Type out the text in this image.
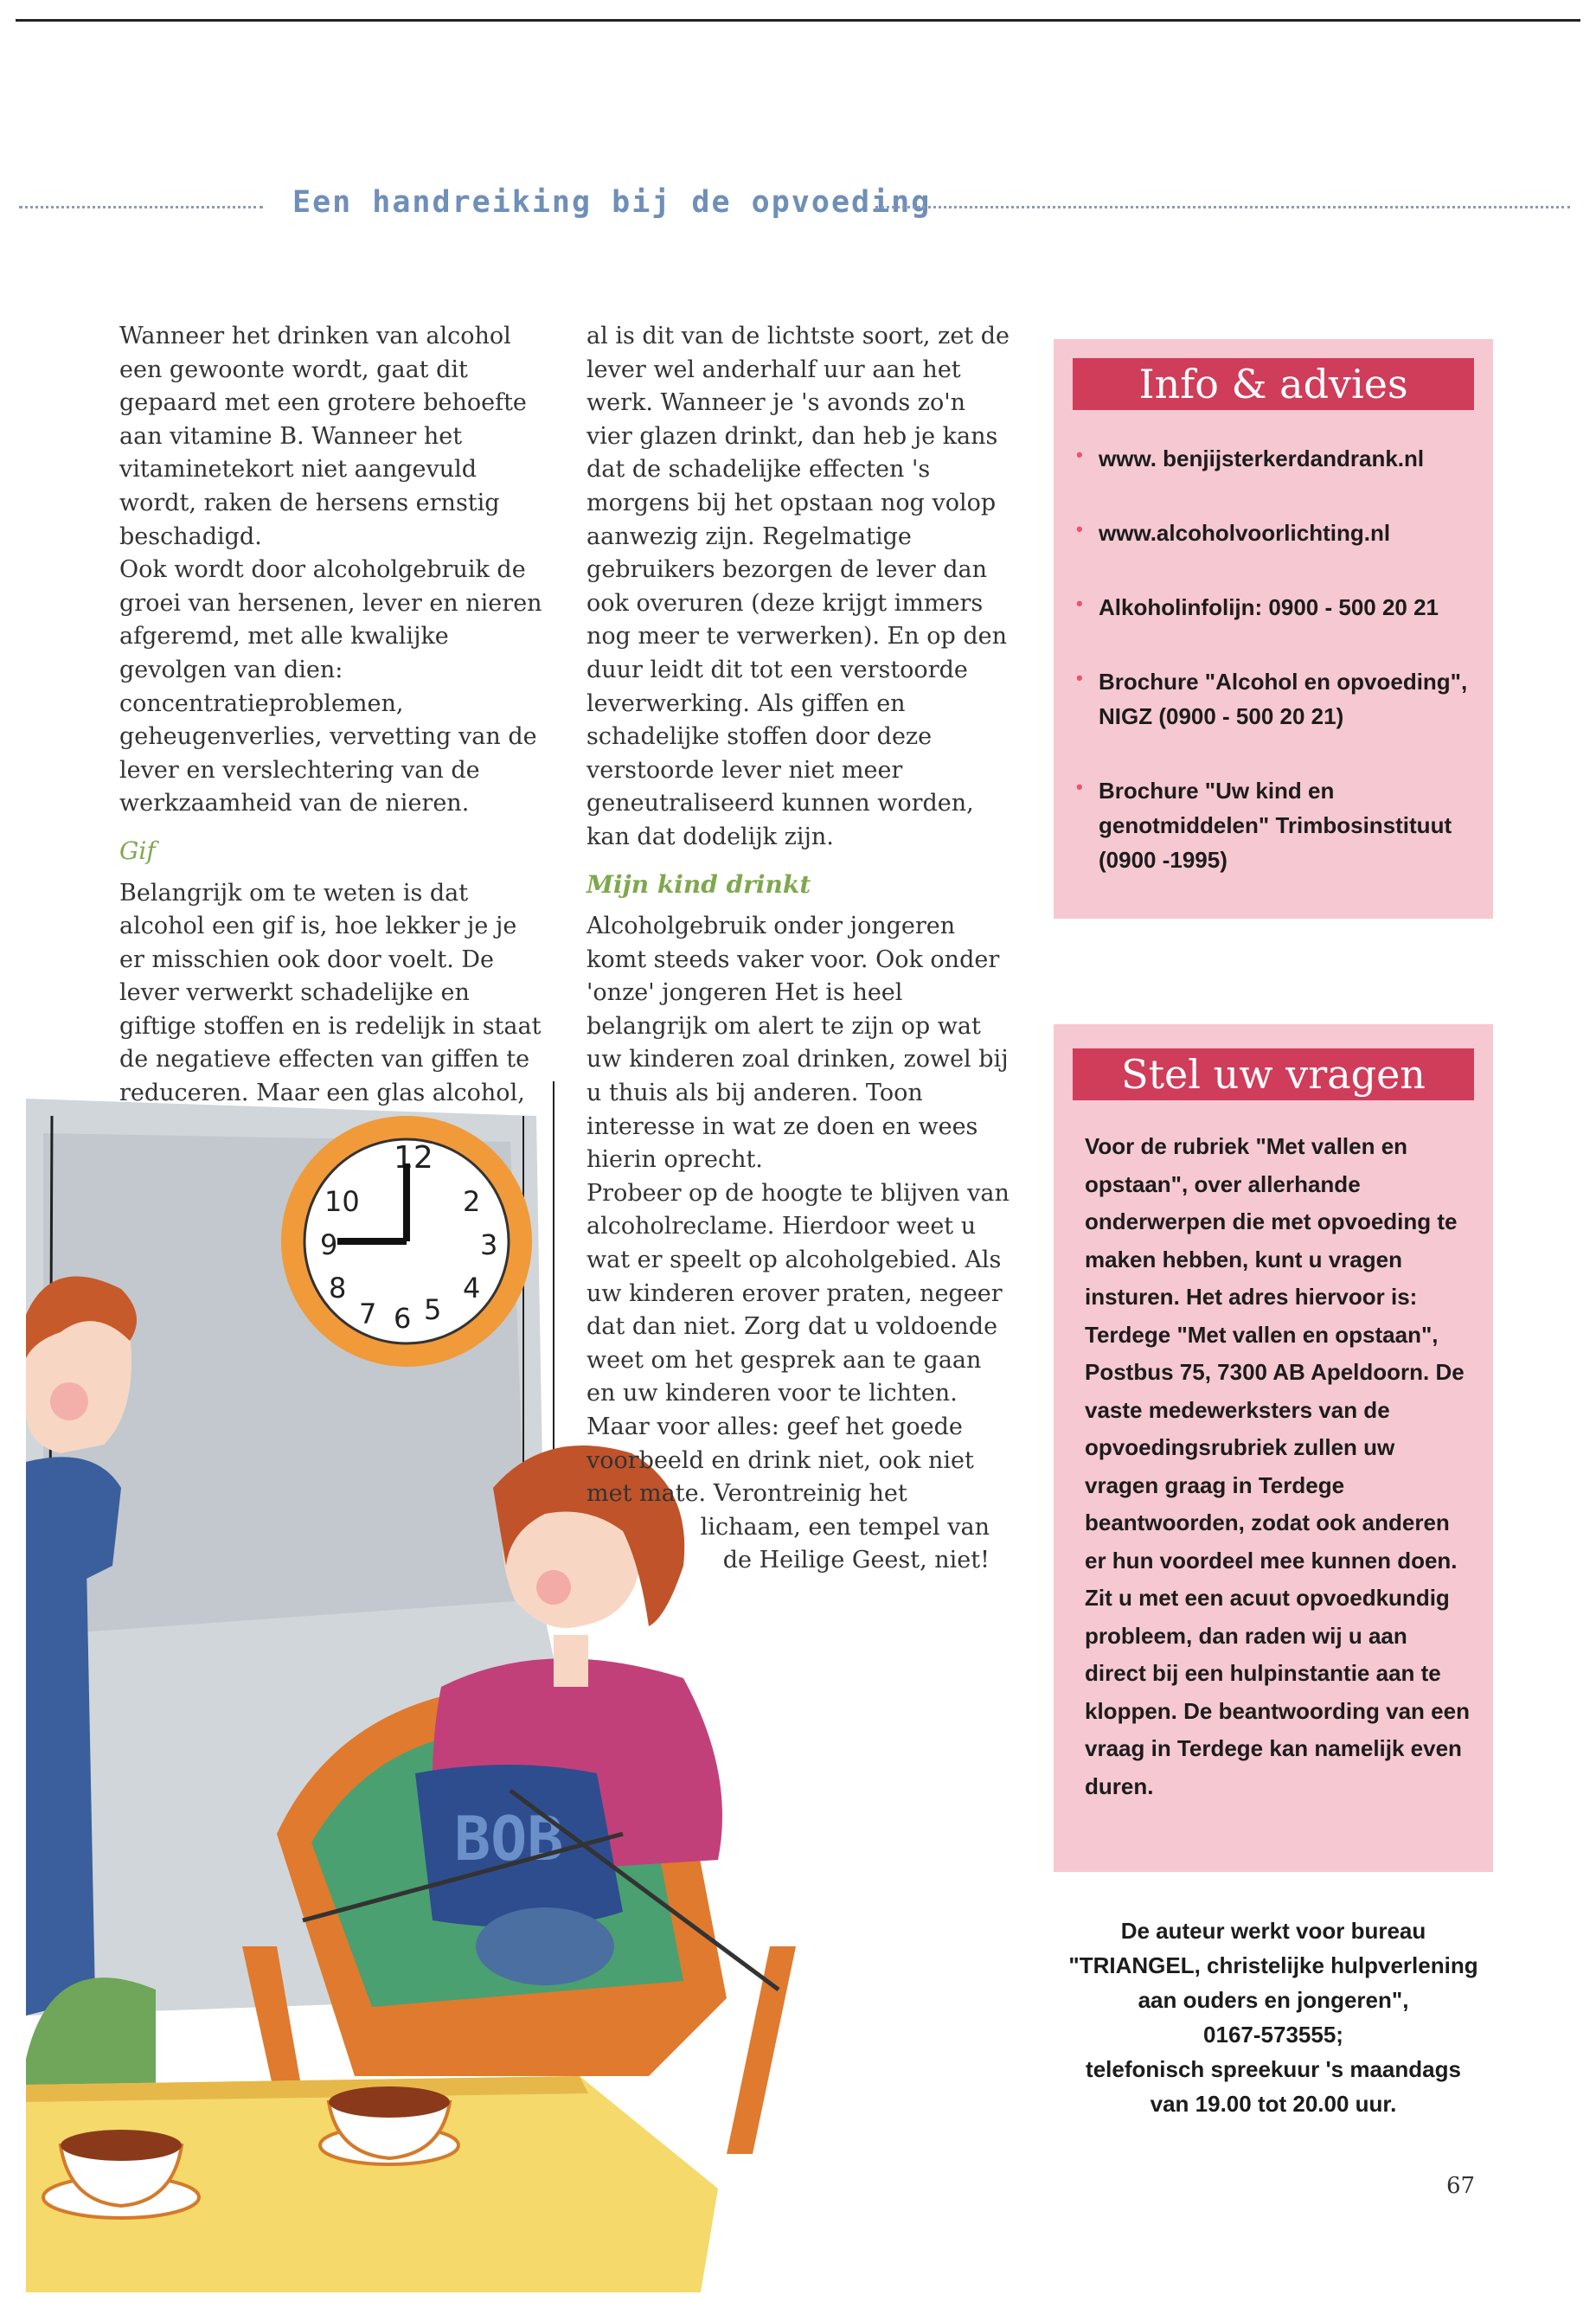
Een handreiking bij de opvoeding
12
2
3
4
5
6
7
8
9
10
BOB

Wanneer het drinken van alcohol een gewoonte wordt, gaat dit gepaard met een grotere behoefte aan vitamine B. Wanneer het vitaminetekort niet aangevuld wordt, raken de hersens ernstig beschadigd.

Ook wordt door alcoholgebruik de groei van hersenen, lever en nieren afgeremd, met alle kwalijke gevolgen van dien: concentratieproblemen, geheugenverlies, vervetting van de lever en verslechtering van de werkzaamheid van de nieren.

Gif

Belangrijk om te weten is dat alcohol een gif is, hoe lekker je je er misschien ook door voelt. De lever verwerkt schadelijke en giftige stoffen en is redelijk in staat de negatieve effecten van giffen te reduceren. Maar een glas alcohol,

al is dit van de lichtste soort, zet de lever wel anderhalf uur aan het werk. Wanneer je 's avonds zo'n vier glazen drinkt, dan heb je kans dat de schadelijke effecten 's morgens bij het opstaan nog volop aanwezig zijn. Regelmatige gebruikers bezorgen de lever dan ook overuren (deze krijgt immers nog meer te verwerken). En op den duur leidt dit tot een verstoorde leverwerking. Als giffen en schadelijke stoffen door deze verstoorde lever niet meer geneutraliseerd kunnen worden, kan dat dodelijk zijn.

Mijn kind drinkt

Alcoholgebruik onder jongeren komt steeds vaker voor. Ook onder 'onze' jongeren Het is heel belangrijk om alert te zijn op wat uw kinderen zoal drinken, zowel bij u thuis als bij anderen. Toon interesse in wat ze doen en wees hierin oprecht.

Probeer op de hoogte te blijven van alcoholreclame. Hierdoor weet u wat er speelt op alcoholgebied. Als uw kinderen erover praten, negeer dat dan niet. Zorg dat u voldoende weet om het gesprek aan te gaan en uw kinderen voor te lichten. Maar voor alles: geef het goede voorbeeld en drink niet, ook niet met mate. Verontreinig het

lichaam, een tempel van

de Heilige Geest, niet!

Info & advies
• www. benjijsterkerdandrank.nl
• www.alcoholvoorlichting.nl
• Alkoholinfolijn: 0900 - 500 20 21
• Brochure "Alcohol en opvoeding", NIGZ (0900 - 500 20 21)
• Brochure "Uw kind en genotmiddelen" Trimbosinstituut (0900 -1995)
Stel uw vragen
Voor de rubriek "Met vallen en opstaan", over allerhande onderwerpen die met opvoeding te maken hebben, kunt u vragen insturen. Het adres hiervoor is: Terdege "Met vallen en opstaan", Postbus 75, 7300 AB Apeldoorn. De vaste medewerksters van de opvoedingsrubriek zullen uw vragen graag in Terdege beantwoorden, zodat ook anderen er hun voordeel mee kunnen doen. Zit u met een acuut opvoedkundig probleem, dan raden wij u aan direct bij een hulpinstantie aan te kloppen. De beantwoording van een vraag in Terdege kan namelijk even duren.
De auteur werkt voor bureau
"TRIANGEL, christelijke hulpverlening
aan ouders en jongeren",
0167-573555;
telefonisch spreekuur 's maandags
van 19.00 tot 20.00 uur.
67
